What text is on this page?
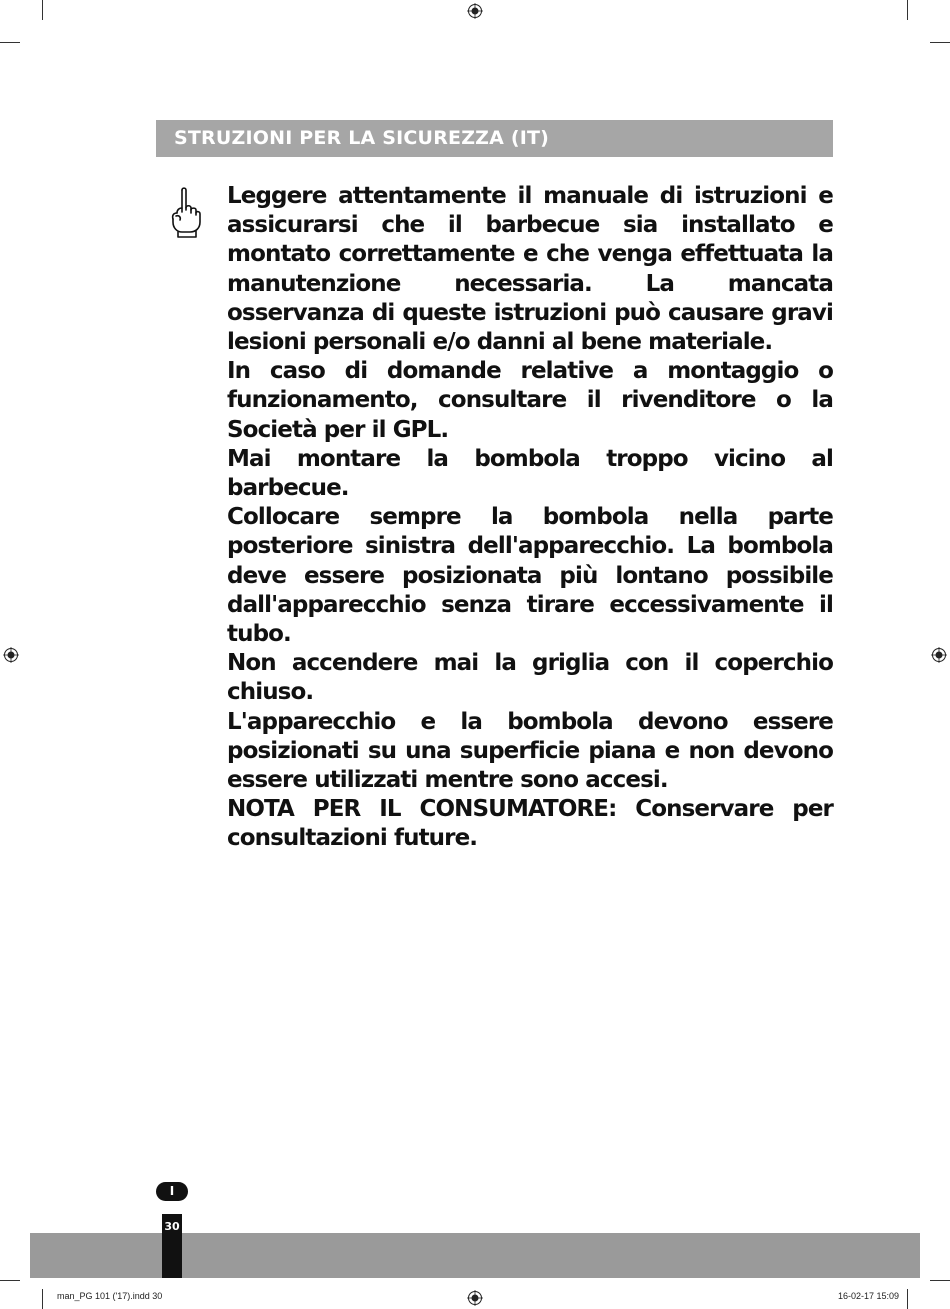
STRUZIONI PER LA SICUREZZA (IT)

Leggere attentamente il manuale di istruzioni e assicurarsi che il barbecue sia installato e montato correttamente e che venga effettuata la manutenzione necessaria. La mancata osservanza di queste istruzioni può causare gravi lesioni personali e/o danni al bene materiale.

In caso di domande relative a montaggio o funzionamento, consultare il rivenditore o la Società per il GPL.

Mai montare la bombola troppo vicino al barbecue.

Collocare sempre la bombola nella parte posteriore sinistra dell'apparecchio. La bombola deve essere posizionata più lontano possibile dall'apparecchio senza tirare eccessivamente il tubo.

Non accendere mai la griglia con il coperchio chiuso.

L'apparecchio e la bombola devono essere posizionati su una superficie piana e non devono essere utilizzati mentre sono accesi.

NOTA PER IL CONSUMATORE: Conservare per consultazioni future.

I
30
man_PG 101 ('17).indd 30	16-02-17 15:09
